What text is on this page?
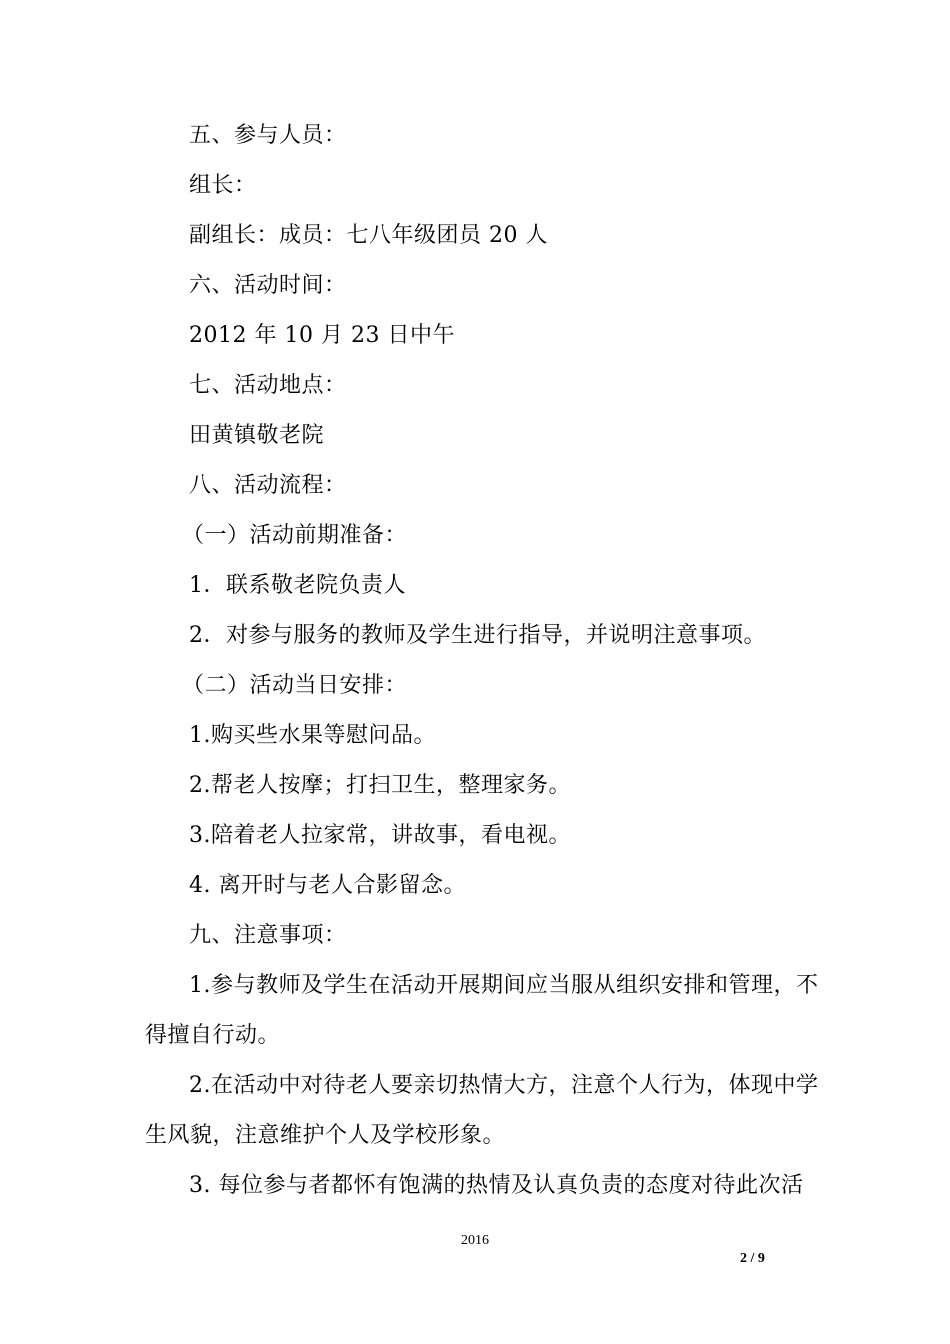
五、参与人员：
组长：
副组长：成员：七八年级团员 20 人
六、活动时间：
2012 年 10 月 23 日中午
七、活动地点：
田黄镇敬老院
八、活动流程：
（一）活动前期准备：
1．联系敬老院负责人
2．对参与服务的教师及学生进行指导，并说明注意事项。
（二）活动当日安排：
1.购买些水果等慰问品。
2.帮老人按摩；打扫卫生，整理家务。
3.陪着老人拉家常，讲故事，看电视。
4. 离开时与老人合影留念。
九、注意事项：
1.参与教师及学生在活动开展期间应当服从组织安排和管理，不
得擅自行动。
2.在活动中对待老人要亲切热情大方，注意个人行为，体现中学
生风貌，注意维护个人及学校形象。
3. 每位参与者都怀有饱满的热情及认真负责的态度对待此次活
2016
2 / 9
